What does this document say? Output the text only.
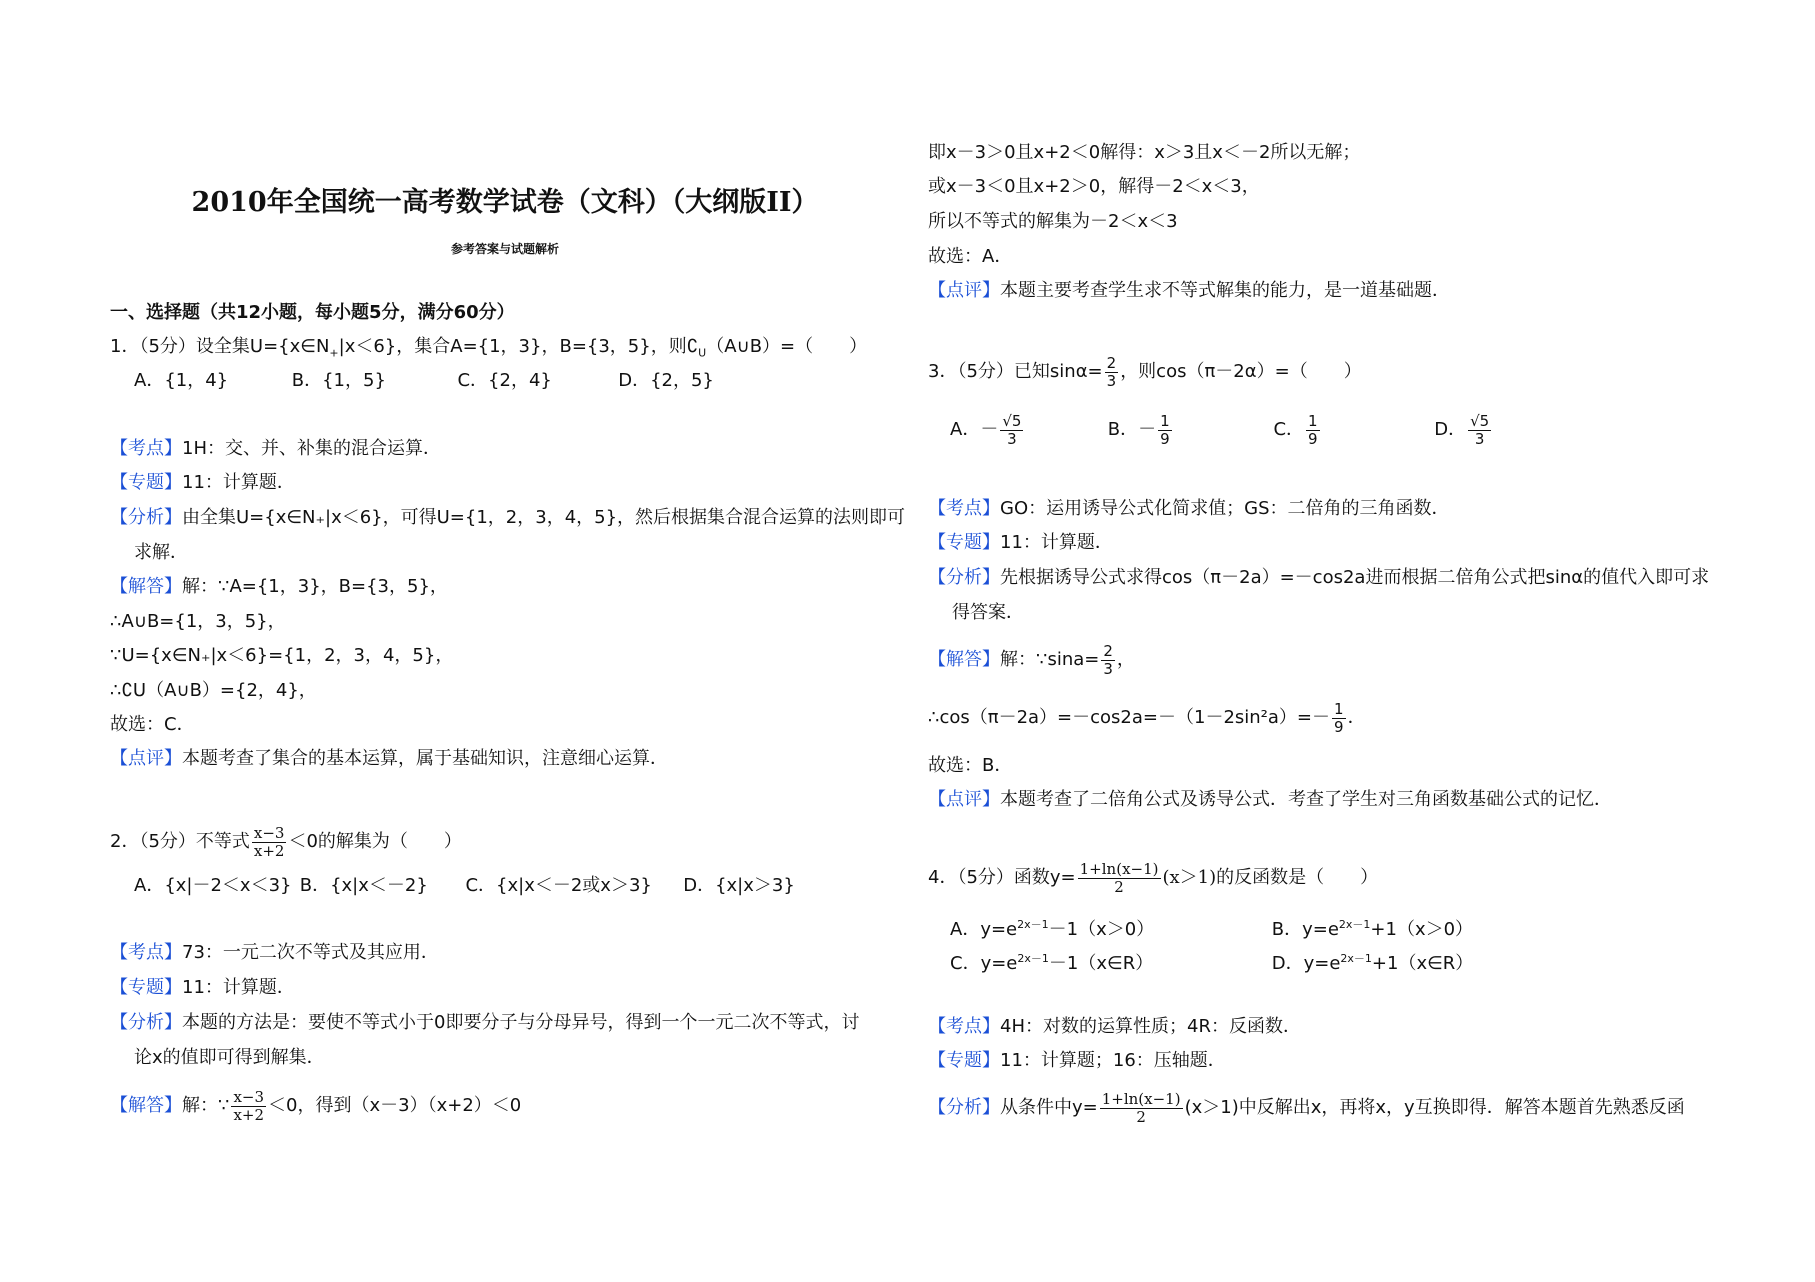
2010年全国统一高考数学试卷（文科）（大纲版II）
参考答案与试题解析
一、选择题（共12小题，每小题5分，满分60分）
1．（5分）设全集$U=\{x\in N_+|x<6\}$，集合A={1，3}，B={3，5}，则$∁_U(A\cup B)=$（　　）
A．{1，4}	B．{1，5}	C．{2，4}	D．{2，5}
【考点】1H：交、并、补集的混合运算．
【专题】11：计算题．
【分析】由全集U={x∈N₊|x＜6}，可得U={1，2，3，4，5}，然后根据集合混合运算的法则即可
求解．
【解答】解：∵A={1，3}，B={3，5}，
∴A∪B={1，3，5}，
∵U={x∈N₊|x＜6}={1，2，3，4，5}，
∴∁U（A∪B）={2，4}，
故选：C．
【点评】本题考查了集合的基本运算，属于基础知识，注意细心运算．
2．（5分）不等式 $\frac{x-3}{x+2} <0$的解集为（　　）
A．{x|－2＜x＜3} B．{x|x＜－2} C．{x|x＜－2或x＞3} D．{x|x＞3}
【考点】73：一元二次不等式及其应用．
【专题】11：计算题．
【分析】本题的方法是：要使不等式小于0即要分子与分母异号，得到一个一元二次不等式，讨
论x的值即可得到解集．
【解答】解：∵ $\frac{x-3}{x+2} <0$，得到（x－3）（x+2）＜0
即x－3＞0且x+2＜0解得：x＞3且x＜－2所以无解；
或x－3＜0且x+2＞0，解得－2＜x＜3，
所以不等式的解集为－2＜x＜3
故选：A．
【点评】本题主要考查学生求不等式解集的能力，是一道基础题．
3．（5分）已知$\sin\alpha= \frac{2}{3}$ ，则cos（π－2α）=（　　）
A．－ $\frac{√5}{3}$	B．－ $\frac{1}{9}$	C． $\frac{1}{9}$	D． $\frac{√5}{3}$
【考点】GO：运用诱导公式化简求值；GS：二倍角的三角函数．
【专题】11：计算题．
【分析】先根据诱导公式求得cos（π－2a）=－cos2a进而根据二倍角公式把sinα的值代入即可求
得答案．
【解答】解：∵sina= $\frac{2}{3}$ ，
∴cos（π－2a）=－cos2a=－（1－2sin²a）=－ $\frac{1}{9}$ ．
故选：B．
【点评】本题考查了二倍角公式及诱导公式．考查了学生对三角函数基础公式的记忆．
4．（5分）函数$y= \frac{1+\ln(x-1)}{2} (x>1)$的反函数是（　　）
A．$y=e^{2x-1}-1(x>0)$	B．$y=e^{2x-1}+1(x>0)$
C．$y=e^{2x-1}-1(x\in R)$	D．$y=e^{2x-1}+1(x\in R)$
【考点】4H：对数的运算性质；4R：反函数．
【专题】11：计算题；16：压轴题．
【分析】从条件中$y= \frac{1+\ln(x-1)}{2} (x>1)$中反解出x，再将x，y互换即得．解答本题首先熟悉反函
